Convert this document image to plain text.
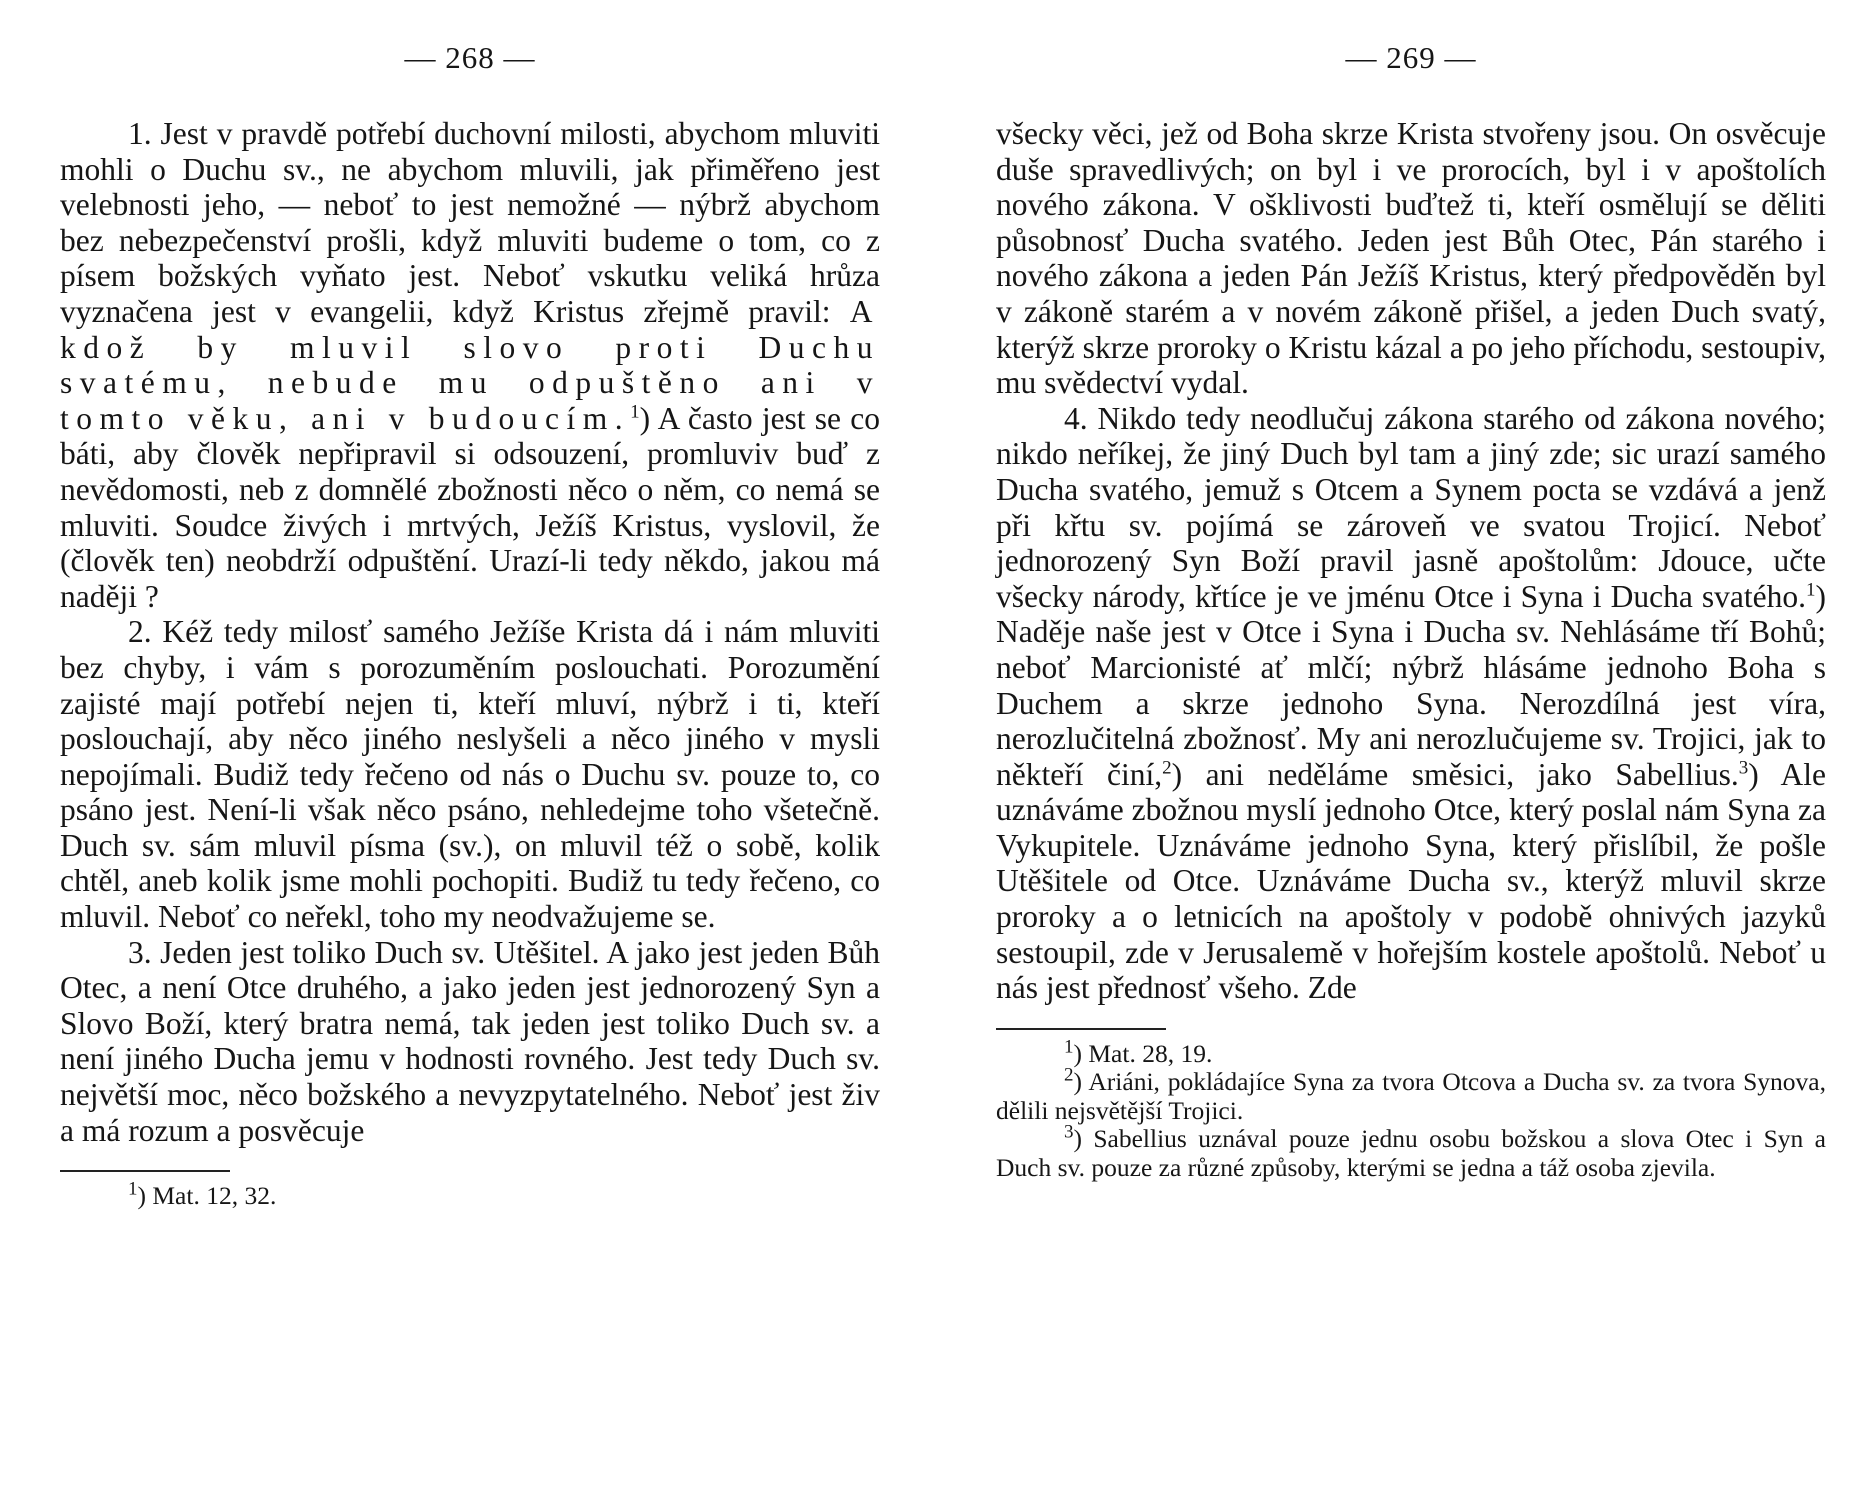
— 268 —

1. Jest v pravdě potřebí duchovní milosti, abychom mluviti mohli o Duchu sv., ne abychom mluvili, jak přiměřeno jest velebnosti jeho, — neboť to jest nemožné — nýbrž abychom bez nebezpečenství prošli, když mluviti budeme o tom, co z písem božských vyňato jest. Neboť vskutku veliká hrůza vyznačena jest v evangelii, když Kristus zřejmě pravil: A kdož by mluvil slovo proti Duchu svatému, nebude mu odpuštěno ani v tomto věku, ani v budoucím.$^1$) A často jest se co báti, aby člověk nepřipravil si odsouzení, promluviv buď z nevědomosti, neb z domnělé zbožnosti něco o něm, co nemá se mluviti. Soudce živých i mrtvých, Ježíš Kristus, vyslovil, že (člověk ten) neobdrží odpuštění. Urazí-li tedy někdo, jakou má naději ?

2. Kéž tedy milosť samého Ježíše Krista dá i nám mluviti bez chyby, i vám s porozuměním poslouchati. Porozumění zajisté mají potřebí nejen ti, kteří mluví, nýbrž i ti, kteří poslouchají, aby něco jiného neslyšeli a něco jiného v mysli nepojímali. Budiž tedy řečeno od nás o Duchu sv. pouze to, co psáno jest. Není-li však něco psáno, nehledejme toho všetečně. Duch sv. sám mluvil písma (sv.), on mluvil též o sobě, kolik chtěl, aneb kolik jsme mohli pochopiti. Budiž tu tedy řečeno, co mluvil. Neboť co neřekl, toho my neodvažujeme se.

3. Jeden jest toliko Duch sv. Utěšitel. A jako jest jeden Bůh Otec, a není Otce druhého, a jako jeden jest jednorozený Syn a Slovo Boží, který bratra nemá, tak jeden jest toliko Duch sv. a není jiného Ducha jemu v hodnosti rovného. Jest tedy Duch sv. největší moc, něco božského a nevyzpytatelného. Neboť jest živ a má rozum a posvěcuje

$^1$) Mat. 12, 32.

— 269 —

všecky věci, jež od Boha skrze Krista stvořeny jsou. On osvěcuje duše spravedlivých; on byl i ve prorocích, byl i v apoštolích nového zákona. V ošklivosti buďtež ti, kteří osmělují se děliti působnosť Ducha svatého. Jeden jest Bůh Otec, Pán starého i nového zákona a jeden Pán Ježíš Kristus, který předpověděn byl v zákoně starém a v novém zákoně přišel, a jeden Duch svatý, kterýž skrze proroky o Kristu kázal a po jeho příchodu, sestoupiv, mu svědectví vydal.

4. Nikdo tedy neodlučuj zákona starého od zákona nového; nikdo neříkej, že jiný Duch byl tam a jiný zde; sic urazí samého Ducha svatého, jemuž s Otcem a Synem pocta se vzdává a jenž při křtu sv. pojímá se zároveň ve svatou Trojicí. Neboť jednorozený Syn Boží pravil jasně apoštolům: Jdouce, učte všecky národy, křtíce je ve jménu Otce i Syna i Ducha svatého.$^1$) Naděje naše jest v Otce i Syna i Ducha sv. Nehlásáme tří Bohů; neboť Marcionisté ať mlčí; nýbrž hlásáme jednoho Boha s Duchem a skrze jednoho Syna. Nerozdílná jest víra, nerozlučitelná zbožnosť. My ani nerozlučujeme sv. Trojici, jak to někteří činí,$^2$) ani neděláme směsici, jako Sabellius.$^3$) Ale uznáváme zbožnou myslí jednoho Otce, který poslal nám Syna za Vykupitele. Uznáváme jednoho Syna, který přislíbil, že pošle Utěšitele od Otce. Uznáváme Ducha sv., kterýž mluvil skrze proroky a o letnicích na apoštoly v podobě ohnivých jazyků sestoupil, zde v Jerusalemě v hořejším kostele apoštolů. Neboť u nás jest přednosť všeho. Zde

$^1$) Mat. 28, 19.

$^2$) Ariáni, pokládajíce Syna za tvora Otcova a Ducha sv. za tvora Synova, dělili nejsvětější Trojici.

$^3$) Sabellius uznával pouze jednu osobu božskou a slova Otec i Syn a Duch sv. pouze za různé způsoby, kterými se jedna a táž osoba zjevila.
